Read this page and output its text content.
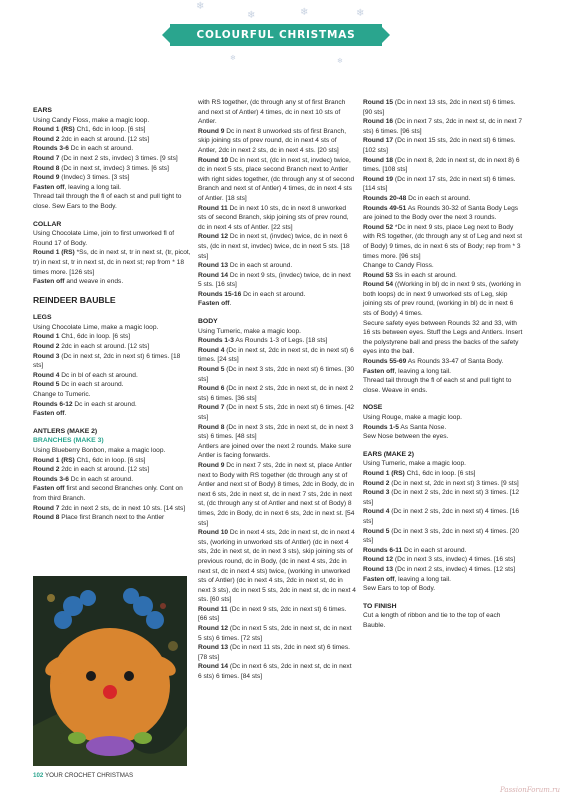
❄
❄	❄	❄
❄	❄
COLOURFUL CHRISTMAS COLLECTION

EARS

Using Candy Floss, make a magic loop.

Round 1 (RS) Ch1, 6dc in loop. [6 sts]

Round 2 2dc in each st around. [12 sts]

Rounds 3-6 Dc in each st around.

Round 7 (Dc in next 2 sts, invdec) 3 times. [9 sts]

Round 8 (Dc in next st, invdec) 3 times. [6 sts]

Round 9 (Invdec) 3 times. [3 sts]

Fasten off, leaving a long tail.

Thread tail through the fl of each st and pull tight to close. Sew Ears to the Body.

COLLAR

Using Chocolate Lime, join to first unworked fl of Round 17 of Body.

Round 1 (RS) *Ss, dc in next st, tr in next st, (tr, picot, tr) in next st, tr in next st, dc in next st; rep from * 18 times more. [126 sts]

Fasten off and weave in ends.

REINDEER BAUBLE

LEGS

Using Chocolate Lime, make a magic loop.

Round 1 Ch1, 6dc in loop. [6 sts]

Round 2 2dc in each st around. [12 sts]

Round 3 (Dc in next st, 2dc in next st) 6 times. [18 sts]

Round 4 Dc in bl of each st around.

Round 5 Dc in each st around.

Change to Tumeric.

Rounds 6-12 Dc in each st around.

Fasten off.

ANTLERS (MAKE 2)

BRANCHES (MAKE 3)

Using Blueberry Bonbon, make a magic loop.

Round 1 (RS) Ch1, 6dc in loop. [6 sts]

Round 2 2dc in each st around. [12 sts]

Rounds 3-6 Dc in each st around.

Fasten off first and second Branches only. Cont on from third Branch.

Round 7 2dc in next 2 sts, dc in next 10 sts. [14 sts]

Round 8 Place first Branch next to the Antler

with RS together, (dc through any st of first Branch and next st of Antler) 4 times, dc in next 10 sts of Antler.

Round 9 Dc in next 8 unworked sts of first Branch, skip joining sts of prev round, dc in next 4 sts of Antler, 2dc in next 2 sts, dc in next 4 sts. [20 sts]

Round 10 Dc in next st, (dc in next st, invdec) twice, dc in next 5 sts, place second Branch next to Antler with right sides together, (dc through any st of second Branch and next st of Antler) 4 times, dc in next 4 sts of Antler. [18 sts]

Round 11 Dc in next 10 sts, dc in next 8 unworked sts of second Branch, skip joining sts of prev round, dc in next 4 sts of Antler. [22 sts]

Round 12 Dc in next st, (invdec) twice, dc in next 6 sts, (dc in next st, invdec) twice, dc in next 5 sts. [18 sts]

Round 13 Dc in each st around.

Round 14 Dc in next 9 sts, (invdec) twice, dc in next 5 sts. [16 sts]

Rounds 15-16 Dc in each st around.

Fasten off.

BODY

Using Tumeric, make a magic loop.

Rounds 1-3 As Rounds 1-3 of Legs. [18 sts]

Round 4 (Dc in next st, 2dc in next st, dc in next st) 6 times. [24 sts]

Round 5 (Dc in next 3 sts, 2dc in next st) 6 times. [30 sts]

Round 6 (Dc in next 2 sts, 2dc in next st, dc in next 2 sts) 6 times. [36 sts]

Round 7 (Dc in next 5 sts, 2dc in next st) 6 times. [42 sts]

Round 8 (Dc in next 3 sts, 2dc in next st, dc in next 3 sts) 6 times. [48 sts]

Antlers are joined over the next 2 rounds. Make sure Antler is facing forwards.

Round 9 Dc in next 7 sts, 2dc in next st, place Antler next to Body with RS together (dc through any st of Antler and next st of Body) 8 times, 2dc in Body, dc in next 6 sts, 2dc in next st, dc in next 7 sts, 2dc in next st, (dc through any st of Antler and next st of Body) 8 times, 2dc in Body, dc in next 6 sts, 2dc in next st. [54 sts]

Round 10 Dc in next 4 sts, 2dc in next st, dc in next 4 sts, (working in unworked sts of Antler) (dc in next 4 sts, 2dc in next st, dc in next 3 sts), skip joining sts of previous round, dc in Body, (dc in next 4 sts, 2dc in next st, dc in next 4 sts) twice, (working in unworked sts of Antler) (dc in next 4 sts, 2dc in next st, dc in next 3 sts), dc in next 5 sts, 2dc in next st, dc in next 4 sts. [60 sts]

Round 11 (Dc in next 9 sts, 2dc in next st) 6 times. [66 sts]

Round 12 (Dc in next 5 sts, 2dc in next st, dc in next 5 sts) 6 times. [72 sts]

Round 13 (Dc in next 11 sts, 2dc in next st) 6 times. [78 sts]

Round 14 (Dc in next 6 sts, 2dc in next st, dc in next 6 sts) 6 times. [84 sts]

Round 15 (Dc in next 13 sts, 2dc in next st) 6 times. [90 sts]

Round 16 (Dc in next 7 sts, 2dc in next st, dc in next 7 sts) 6 times. [96 sts]

Round 17 (Dc in next 15 sts, 2dc in next st) 6 times. [102 sts]

Round 18 (Dc in next 8, 2dc in next st, dc in next 8) 6 times. [108 sts]

Round 19 (Dc in next 17 sts, 2dc in next st) 6 times. [114 sts]

Rounds 20-48 Dc in each st around.

Rounds 49-51 As Rounds 30-32 of Santa Body Legs are joined to the Body over the next 3 rounds.

Round 52 *Dc in next 9 sts, place Leg next to Body with RS together, (dc through any st of Leg and next st of Body) 9 times, dc in next 6 sts of Body; rep from * 3 times more. [96 sts]

Change to Candy Floss.

Round 53 Ss in each st around.

Round 54 ((Working in bl) dc in next 9 sts, (working in both loops) dc in next 9 unworked sts of Leg, skip joining sts of prev round, (working in bl) dc in next 6 sts of Body) 4 times.

Secure safety eyes between Rounds 32 and 33, with 16 sts between eyes. Stuff the Legs and Antlers. Insert the polystyrene ball and press the backs of the safety eyes into the ball.

Rounds 55-69 As Rounds 33-47 of Santa Body.

Fasten off, leaving a long tail.

Thread tail through the fl of each st and pull tight to close. Weave in ends.

NOSE

Using Rouge, make a magic loop.

Rounds 1-5 As Santa Nose.

Sew Nose between the eyes.

EARS (MAKE 2)

Using Tumeric, make a magic loop.

Round 1 (RS) Ch1, 6dc in loop. [6 sts]

Round 2 (Dc in next st, 2dc in next st) 3 times. [9 sts]

Round 3 (Dc in next 2 sts, 2dc in next st) 3 times. [12 sts]

Round 4 (Dc in next 2 sts, 2dc in next st) 4 times. [16 sts]

Round 5 (Dc in next 3 sts, 2dc in next st) 4 times. [20 sts]

Rounds 6-11 Dc in each st around.

Round 12 (Dc in next 3 sts, invdec) 4 times. [16 sts]

Round 13 (Dc in next 2 sts, invdec) 4 times. [12 sts]

Fasten off, leaving a long tail.

Sew Ears to top of Body.

TO FINISH

Cut a length of ribbon and tie to the top of each Bauble.

102 YOUR CROCHET CHRISTMAS
PassionForum.ru
